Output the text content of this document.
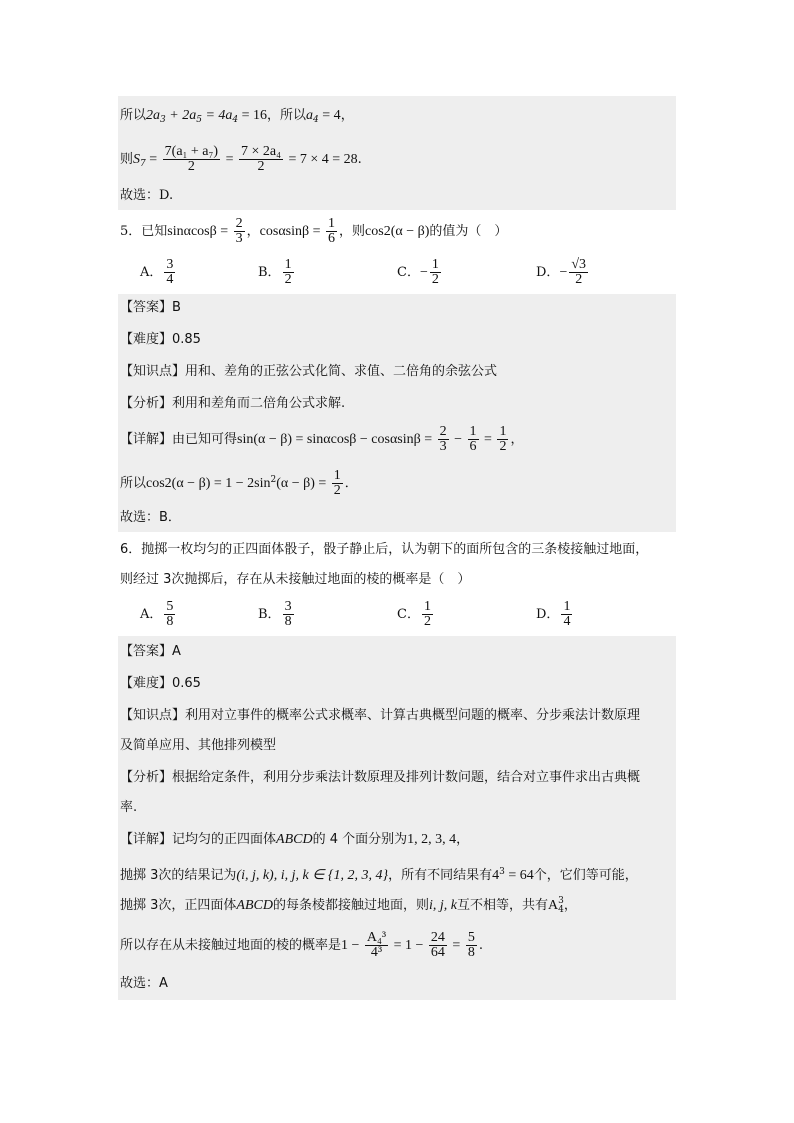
所以$2a_3 + 2a_5 = 4a_4 = 16$，所以$a_4 = 4$，
则$S_7 = \frac{\text{7(a₁ + a₇)}}{2} = \frac{\text{7 × 2a₄}}{2} = 7 \times 4 = 28$.
故选：D.
5．已知$\sin\alpha\cos\beta = \frac{2}{3}$ ，$\cos\alpha\sin\beta = \frac{1}{6}$ ，则cos2(α − β)的值为（　）
A． $\frac{3}{4}$	B． $\frac{1}{2}$	C．− $\frac{1}{2}$	D．− $\frac{√3}{2}$
【答案】B
【难度】0.85
【知识点】用和、差角的正弦公式化简、求值、二倍角的余弦公式
【分析】利用和差角而二倍角公式求解.
【详解】由已知可得$\sin(\alpha - \beta) = \sin\alpha\cos\beta - \cos\alpha\sin\beta = \frac{2}{3} - \frac{1}{6} = \frac{1}{2}$ ，
所以$\cos 2(\alpha - \beta) = 1 - 2\sin^2(\alpha - \beta) = \frac{1}{2}$ ．
故选：B．
6．抛掷一枚均匀的正四面体骰子，骰子静止后，认为朝下的面所包含的三条棱接触过地面，
则经过 3次抛掷后，存在从未接触过地面的棱的概率是（　）
A． $\frac{5}{8}$	B． $\frac{3}{8}$	C． $\frac{1}{2}$	D． $\frac{1}{4}$
【答案】A
【难度】0.65
【知识点】利用对立事件的概率公式求概率、计算古典概型问题的概率、分步乘法计数原理
及简单应用、其他排列模型
【分析】根据给定条件，利用分步乘法计数原理及排列计数问题，结合对立事件求出古典概
率.
【详解】记均匀的正四面体ABCD的 4 个面分别为1, 2, 3, 4，
抛掷 3次的结果记为(i, j, k), i, j, k ∈ {1, 2, 3, 4}，所有不同结果有$4^3 = 64$个，它们等可能，
抛掷 3次，正四面体ABCD的每条棱都接触过地面，则i, j, k互不相等，共有A 3
4 ，
所以存在从未接触过地面的棱的概率是$1 - \frac{\text{A₄³}}{\text{4³}} = 1 - \frac{24}{64} = \frac{5}{8}$ .
故选：A
